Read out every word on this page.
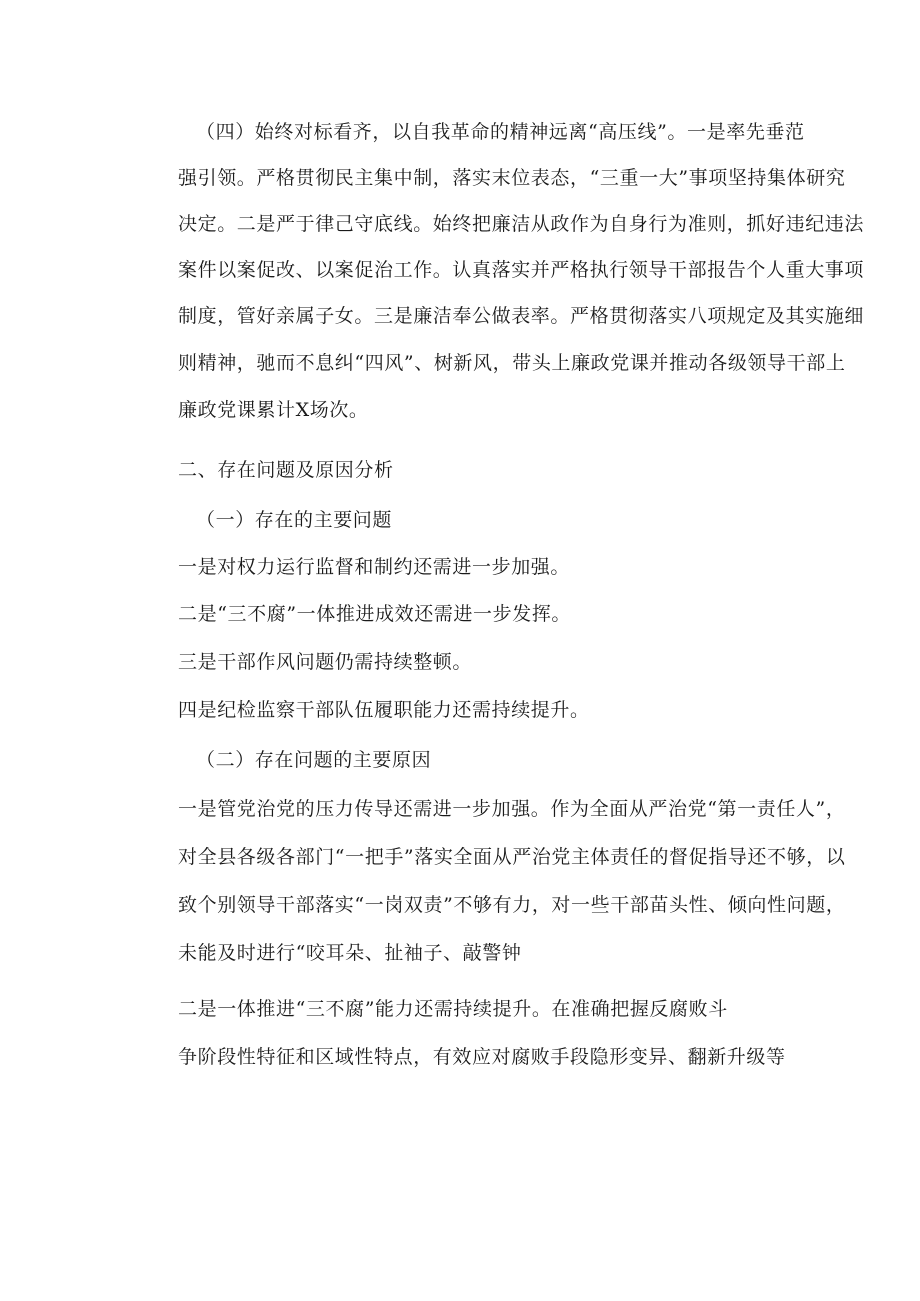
（四）始终对标看齐，以自我革命的精神远离“高压线”。一是率先垂范
强引领。严格贯彻民主集中制，落实末位表态，“三重一大”事项坚持集体研究
决定。二是严于律己守底线。始终把廉洁从政作为自身行为准则，抓好违纪违法
案件以案促改、以案促治工作。认真落实并严格执行领导干部报告个人重大事项
制度，管好亲属子女。三是廉洁奉公做表率。严格贯彻落实八项规定及其实施细
则精神，驰而不息纠“四风”、树新风，带头上廉政党课并推动各级领导干部上
廉政党课累计X场次。
二、存在问题及原因分析
（一）存在的主要问题
一是对权力运行监督和制约还需进一步加强。
二是“三不腐”一体推进成效还需进一步发挥。
三是干部作风问题仍需持续整顿。
四是纪检监察干部队伍履职能力还需持续提升。
（二）存在问题的主要原因
一是管党治党的压力传导还需进一步加强。作为全面从严治党“第一责任人”，
对全县各级各部门“一把手”落实全面从严治党主体责任的督促指导还不够，以
致个别领导干部落实“一岗双责”不够有力，对一些干部苗头性、倾向性问题，
未能及时进行“咬耳朵、扯袖子、敲警钟
二是一体推进“三不腐”能力还需持续提升。在准确把握反腐败斗
争阶段性特征和区域性特点，有效应对腐败手段隐形变异、翻新升级等
